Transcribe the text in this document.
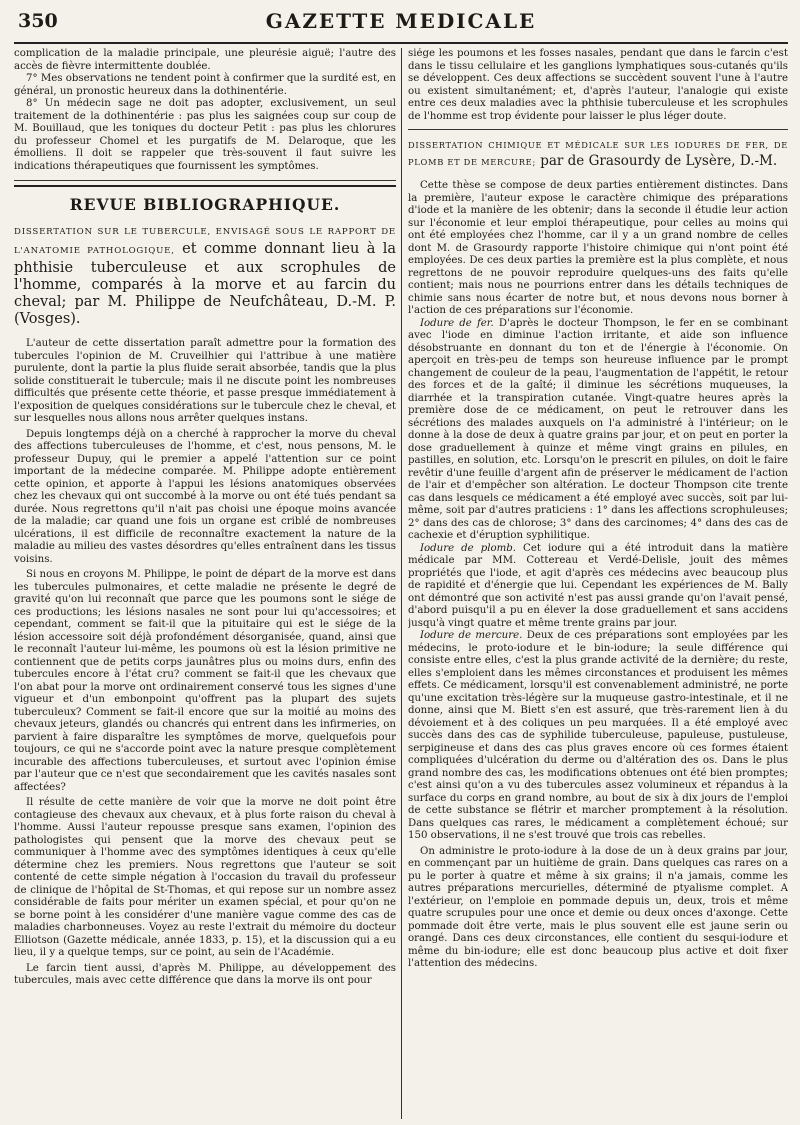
350	GAZETTE MEDICALE

complication de la maladie principale, une pleurésie aiguë; l'autre des accès de fièvre intermittente doublée.

7° Mes observations ne tendent point à confirmer que la surdité est, en général, un pronostic heureux dans la dothinentérie.

8° Un médecin sage ne doit pas adopter, exclusivement, un seul traitement de la dothinentérie : pas plus les saignées coup sur coup de M. Bouillaud, que les toniques du docteur Petit : pas plus les chlorures du professeur Chomel et les purgatifs de M. Delaroque, que les émolliens. Il doit se rappeler que très-souvent il faut suivre les indications thérapeutiques que fournissent les symptômes.

REVUE BIBLIOGRAPHIQUE.
DISSERTATION SUR LE TUBERCULE, ENVISAGÉ SOUS LE RAPPORT DE L'ANATOMIE PATHOLOGIQUE, et comme donnant lieu à la phthisie tuberculeuse et aux scrophules de l'homme, comparés à la morve et au farcin du cheval; par M. Philippe de Neufchâteau, D.-M. P. (Vosges).

L'auteur de cette dissertation paraît admettre pour la formation des tubercules l'opinion de M. Cruveilhier qui l'attribue à une matière purulente, dont la partie la plus fluide serait absorbée, tandis que la plus solide constituerait le tubercule; mais il ne discute point les nombreuses difficultés que présente cette théorie, et passe presque immédiatement à l'exposition de quelques considérations sur le tubercule chez le cheval, et sur lesquelles nous allons nous arrêter quelques instans.

Depuis longtemps déjà on a cherché à rapprocher la morve du cheval des affections tuberculeuses de l'homme, et c'est, nous pensons, M. le professeur Dupuy, qui le premier a appelé l'attention sur ce point important de la médecine comparée. M. Philippe adopte entièrement cette opinion, et apporte à l'appui les lésions anatomiques observées chez les chevaux qui ont succombé à la morve ou ont été tués pendant sa durée. Nous regrettons qu'il n'ait pas choisi une époque moins avancée de la maladie; car quand une fois un organe est criblé de nombreuses ulcérations, il est difficile de reconnaître exactement la nature de la maladie au milieu des vastes désordres qu'elles entraînent dans les tissus voisins.

Si nous en croyons M. Philippe, le point de départ de la morve est dans les tubercules pulmonaires, et cette maladie ne présente le degré de gravité qu'on lui reconnaît que parce que les poumons sont le siége de ces productions; les lésions nasales ne sont pour lui qu'accessoires; et cependant, comment se fait-il que la pituitaire qui est le siége de la lésion accessoire soit déjà profondément désorganisée, quand, ainsi que le reconnaît l'auteur lui-même, les poumons où est la lésion primitive ne contiennent que de petits corps jaunâtres plus ou moins durs, enfin des tubercules encore à l'état cru? comment se fait-il que les chevaux que l'on abat pour la morve ont ordinairement conservé tous les signes d'une vigueur et d'un embonpoint qu'offrent pas la plupart des sujets tuberculeux? Comment se fait-il encore que sur la moitié au moins des chevaux jeteurs, glandés ou chancrés qui entrent dans les infirmeries, on parvient à faire disparaître les symptômes de morve, quelquefois pour toujours, ce qui ne s'accorde point avec la nature presque complètement incurable des affections tuberculeuses, et surtout avec l'opinion émise par l'auteur que ce n'est que secondairement que les cavités nasales sont affectées?

Il résulte de cette manière de voir que la morve ne doit point être contagieuse des chevaux aux chevaux, et à plus forte raison du cheval à l'homme. Aussi l'auteur repousse presque sans examen, l'opinion des pathologistes qui pensent que la morve des chevaux peut se communiquer à l'homme avec des symptômes identiques à ceux qu'elle détermine chez les premiers. Nous regrettons que l'auteur se soit contenté de cette simple négation à l'occasion du travail du professeur de clinique de l'hôpital de St-Thomas, et qui repose sur un nombre assez considérable de faits pour mériter un examen spécial, et pour qu'on ne se borne point à les considérer d'une manière vague comme des cas de maladies charbonneuses. Voyez au reste l'extrait du mémoire du docteur Elliotson (Gazette médicale, année 1833, p. 15), et la discussion qui a eu lieu, il y a quelque temps, sur ce point, au sein de l'Académie.

Le farcin tient aussi, d'après M. Philippe, au développement des tubercules, mais avec cette différence que dans la morve ils ont pour

siége les poumons et les fosses nasales, pendant que dans le farcin c'est dans le tissu cellulaire et les ganglions lymphatiques sous-cutanés qu'ils se développent. Ces deux affections se succèdent souvent l'une à l'autre ou existent simultanément; et, d'après l'auteur, l'analogie qui existe entre ces deux maladies avec la phthisie tuberculeuse et les scrophules de l'homme est trop évidente pour laisser le plus léger doute.

DISSERTATION CHIMIQUE ET MÉDICALE SUR LES IODURES DE FER, DE PLOMB ET DE MERCURE; par de Grasourdy de Lysère, D.-M.

Cette thèse se compose de deux parties entièrement distinctes. Dans la première, l'auteur expose le caractère chimique des préparations d'iode et la manière de les obtenir; dans la seconde il étudie leur action sur l'économie et leur emploi thérapeutique, pour celles au moins qui ont été employées chez l'homme, car il y a un grand nombre de celles dont M. de Grasourdy rapporte l'histoire chimique qui n'ont point été employées. De ces deux parties la première est la plus complète, et nous regrettons de ne pouvoir reproduire quelques-uns des faits qu'elle contient; mais nous ne pourrions entrer dans les détails techniques de chimie sans nous écarter de notre but, et nous devons nous borner à l'action de ces préparations sur l'économie.

Iodure de fer. D'après le docteur Thompson, le fer en se combinant avec l'iode en diminue l'action irritante, et aide son influence désobstruante en donnant du ton et de l'énergie à l'économie. On aperçoit en très-peu de temps son heureuse influence par le prompt changement de couleur de la peau, l'augmentation de l'appétit, le retour des forces et de la gaîté; il diminue les sécrétions muqueuses, la diarrhée et la transpiration cutanée. Vingt-quatre heures après la première dose de ce médicament, on peut le retrouver dans les sécrétions des malades auxquels on l'a administré à l'intérieur; on le donne à la dose de deux à quatre grains par jour, et on peut en porter la dose graduellement à quinze et même vingt grains en pilules, en pastilles, en solution, etc. Lorsqu'on le prescrit en pilules, on doit le faire revêtir d'une feuille d'argent afin de préserver le médicament de l'action de l'air et d'empêcher son altération. Le docteur Thompson cite trente cas dans lesquels ce médicament a été employé avec succès, soit par lui-même, soit par d'autres praticiens : 1° dans les affections scrophuleuses; 2° dans des cas de chlorose; 3° dans des carcinomes; 4° dans des cas de cachexie et d'éruption syphilitique.

Iodure de plomb. Cet iodure qui a été introduit dans la matière médicale par MM. Cottereau et Verdé-Delisle, jouit des mêmes propriétés que l'iode, et agit d'après ces médecins avec beaucoup plus de rapidité et d'énergie que lui. Cependant les expériences de M. Bally ont démontré que son activité n'est pas aussi grande qu'on l'avait pensé, d'abord puisqu'il a pu en élever la dose graduellement et sans accidens jusqu'à vingt quatre et même trente grains par jour.

Iodure de mercure. Deux de ces préparations sont employées par les médecins, le proto-iodure et le bin-iodure; la seule différence qui consiste entre elles, c'est la plus grande activité de la dernière; du reste, elles s'emploient dans les mêmes circonstances et produisent les mêmes effets. Ce médicament, lorsqu'il est convenablement administré, ne porte qu'une excitation très-légère sur la muqueuse gastro-intestinale, et il ne donne, ainsi que M. Biett s'en est assuré, que très-rarement lien à du dévoiement et à des coliques un peu marquées. Il a été employé avec succès dans des cas de syphilide tuberculeuse, papuleuse, pustuleuse, serpigineuse et dans des cas plus graves encore où ces formes étaient compliquées d'ulcération du derme ou d'altération des os. Dans le plus grand nombre des cas, les modifications obtenues ont été bien promptes; c'est ainsi qu'on a vu des tubercules assez volumineux et répandus à la surface du corps en grand nombre, au bout de six à dix jours de l'emploi de cette substance se flétrir et marcher promptement à la résolution. Dans quelques cas rares, le médicament a complètement échoué; sur 150 observations, il ne s'est trouvé que trois cas rebelles.

On administre le proto-iodure à la dose de un à deux grains par jour, en commençant par un huitième de grain. Dans quelques cas rares on a pu le porter à quatre et même à six grains; il n'a jamais, comme les autres préparations mercurielles, déterminé de ptyalisme complet. A l'extérieur, on l'emploie en pommade depuis un, deux, trois et même quatre scrupules pour une once et demie ou deux onces d'axonge. Cette pommade doit être verte, mais le plus souvent elle est jaune serin ou orangé. Dans ces deux circonstances, elle contient du sesqui-iodure et même du bin-iodure; elle est donc beaucoup plus active et doit fixer l'attention des médecins.
